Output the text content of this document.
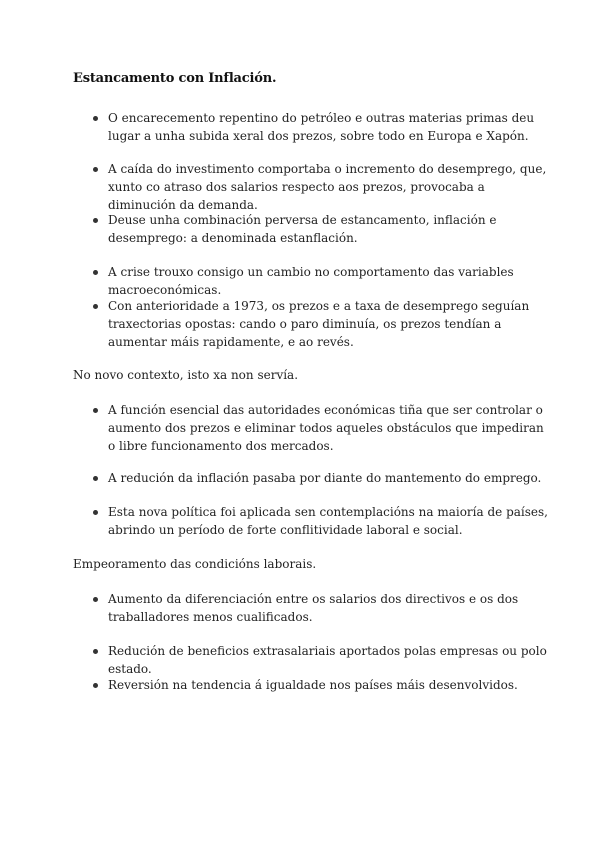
Estancamento con Inflación.
O encarecemento repentino do petróleo e outras materias primas deu lugar a unha subida xeral dos prezos, sobre todo en Europa e Xapón.
A caída do investimento comportaba o incremento do desemprego, que, xunto co atraso dos salarios respecto aos prezos, provocaba a diminución da demanda.
Deuse unha combinación perversa de estancamento, inflación e desemprego: a denominada estanflación.
A crise trouxo consigo un cambio no comportamento das variables macroeconómicas.
Con anterioridade a 1973, os prezos e a taxa de desemprego seguían traxectorias opostas: cando o paro diminuía, os prezos tendían a aumentar máis rapidamente, e ao revés.
No novo contexto, isto xa non servía.
A función esencial das autoridades económicas tiña que ser controlar o aumento dos prezos e eliminar todos aqueles obstáculos que impediran o libre funcionamento dos mercados.
A redución da inflación pasaba por diante do mantemento do emprego.
Esta nova política foi aplicada sen contemplacións na maioría de países, abrindo un período de forte conflitividade laboral e social.
Empeoramento das condicións laborais.
Aumento da diferenciación entre os salarios dos directivos e os dos traballadores menos cualificados.
Redución de beneficios extrasalariais aportados polas empresas ou polo estado.
Reversión na tendencia á igualdade nos países máis desenvolvidos.
